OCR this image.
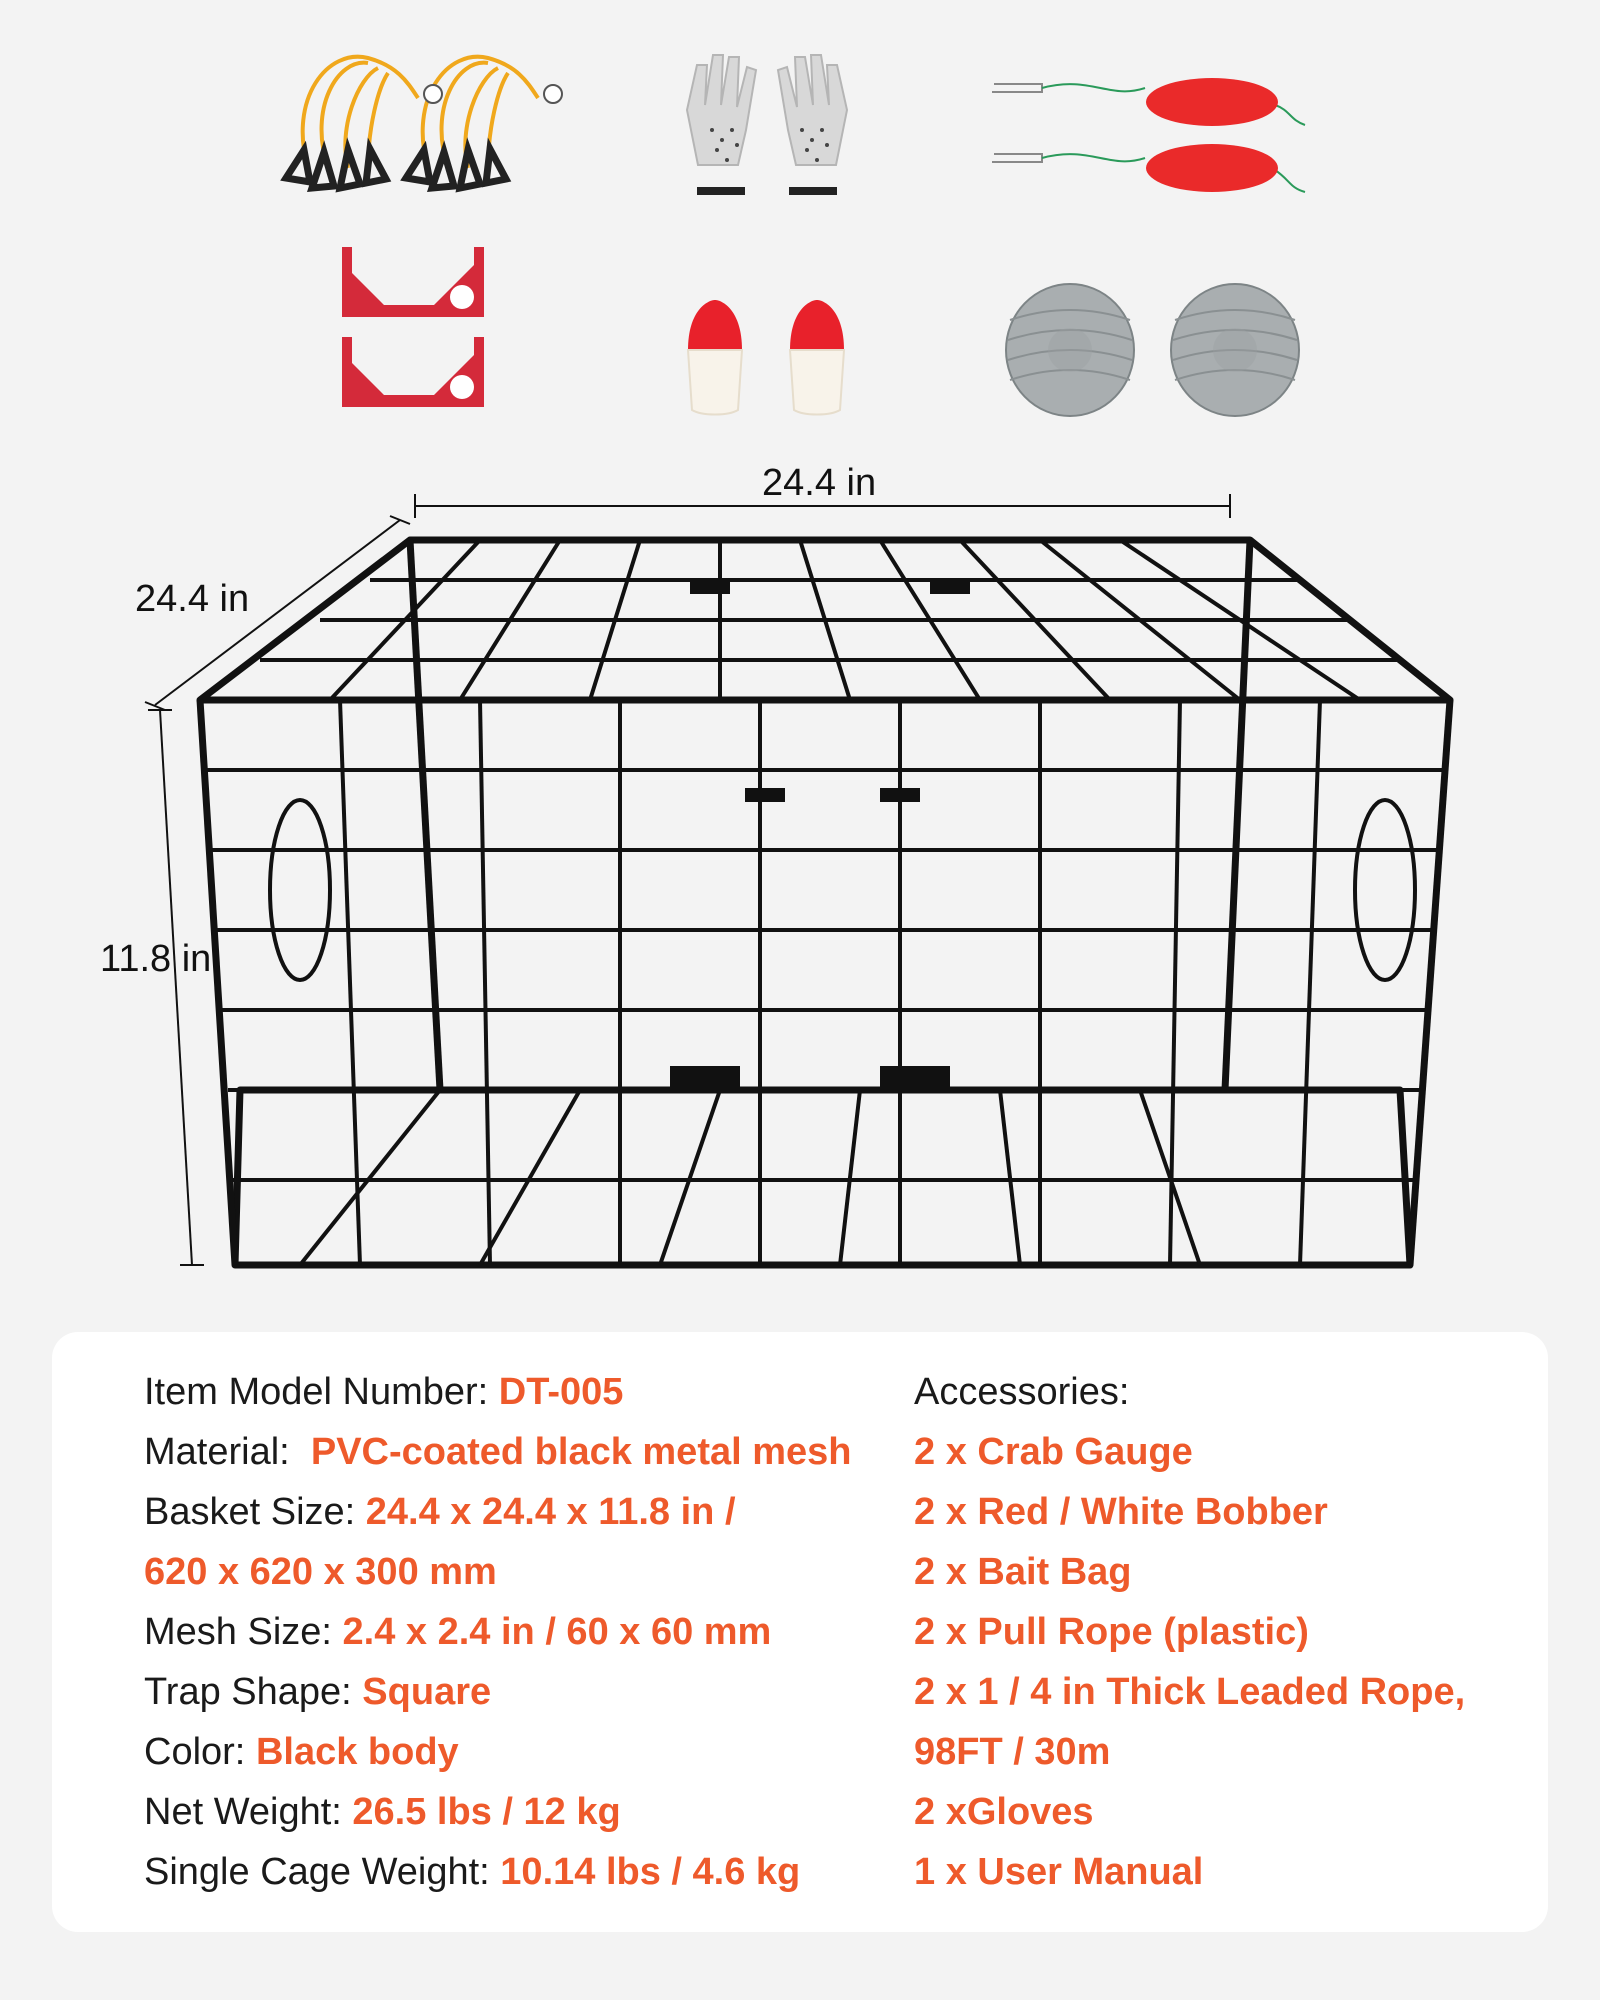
24.4 in
24.4 in
11.8 in
Item Model Number: DT-005
Material: PVC-coated black metal mesh
Basket Size: 24.4 x 24.4 x 11.8 in /
620 x 620 x 300 mm
Mesh Size: 2.4 x 2.4 in / 60 x 60 mm
Trap Shape: Square
Color: Black body
Net Weight: 26.5 lbs / 12 kg
Single Cage Weight: 10.14 lbs / 4.6 kg
Accessories:
2 x Crab Gauge
2 x Red / White Bobber
2 x Bait Bag
2 x Pull Rope (plastic)
2 x 1 / 4 in Thick Leaded Rope,
98FT / 30m
2 xGloves
1 x User Manual
